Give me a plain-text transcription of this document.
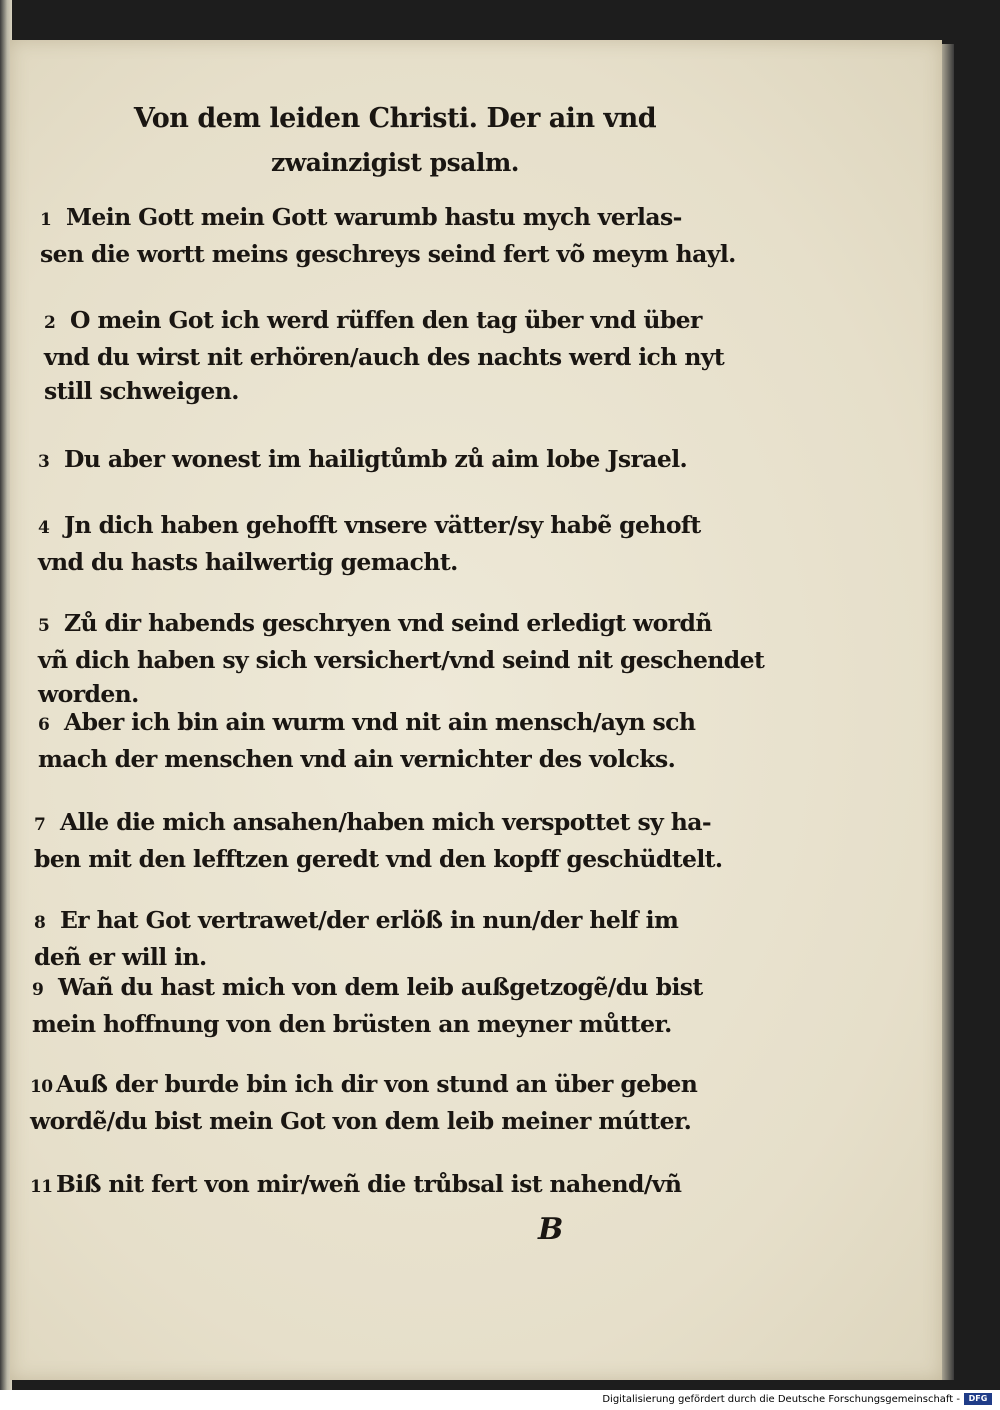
Von dem leiden Christi. Der ain vnd
zwainzigist psalm.
1 Mein Gott mein Gott warumb hastu mych verlas-
sen die wortt meins geschreys seind fert võ meym hayl.
2 O mein Got ich werd rüffen den tag über vnd über
vnd du wirst nit erhören/auch des nachts werd ich nyt
still schweigen.
3 Du aber wonest im hailigtůmb zů aim lobe Jsrael.
4 Jn dich haben gehofft vnsere vätter/sy habẽ gehoft
vnd du hasts hailwertig gemacht.
5 Zů dir habends geschryen vnd seind erledigt wordñ
vñ dich haben sy sich versichert/vnd seind nit geschendet
worden.
6 Aber ich bin ain wurm vnd nit ain mensch/ayn sch
mach der menschen vnd ain vernichter des volcks.
7 Alle die mich ansahen/haben mich verspottet sy ha-
ben mit den lefftzen geredt vnd den kopff geschüdtelt.
8 Er hat Got vertrawet/der erlöß in nun/der helf im
deñ er will in.
9 Wañ du hast mich von dem leib außgetzogẽ/du bist
mein hoffnung von den brüsten an meyner můtter.
10 Auß der burde bin ich dir von stund an über geben
wordẽ/du bist mein Got von dem leib meiner mútter.
11 Biß nit fert von mir/weñ die trůbsal ist nahend/vñ
B
Digitalisierung gefördert durch die Deutsche Forschungsgemeinschaft -	DFG
